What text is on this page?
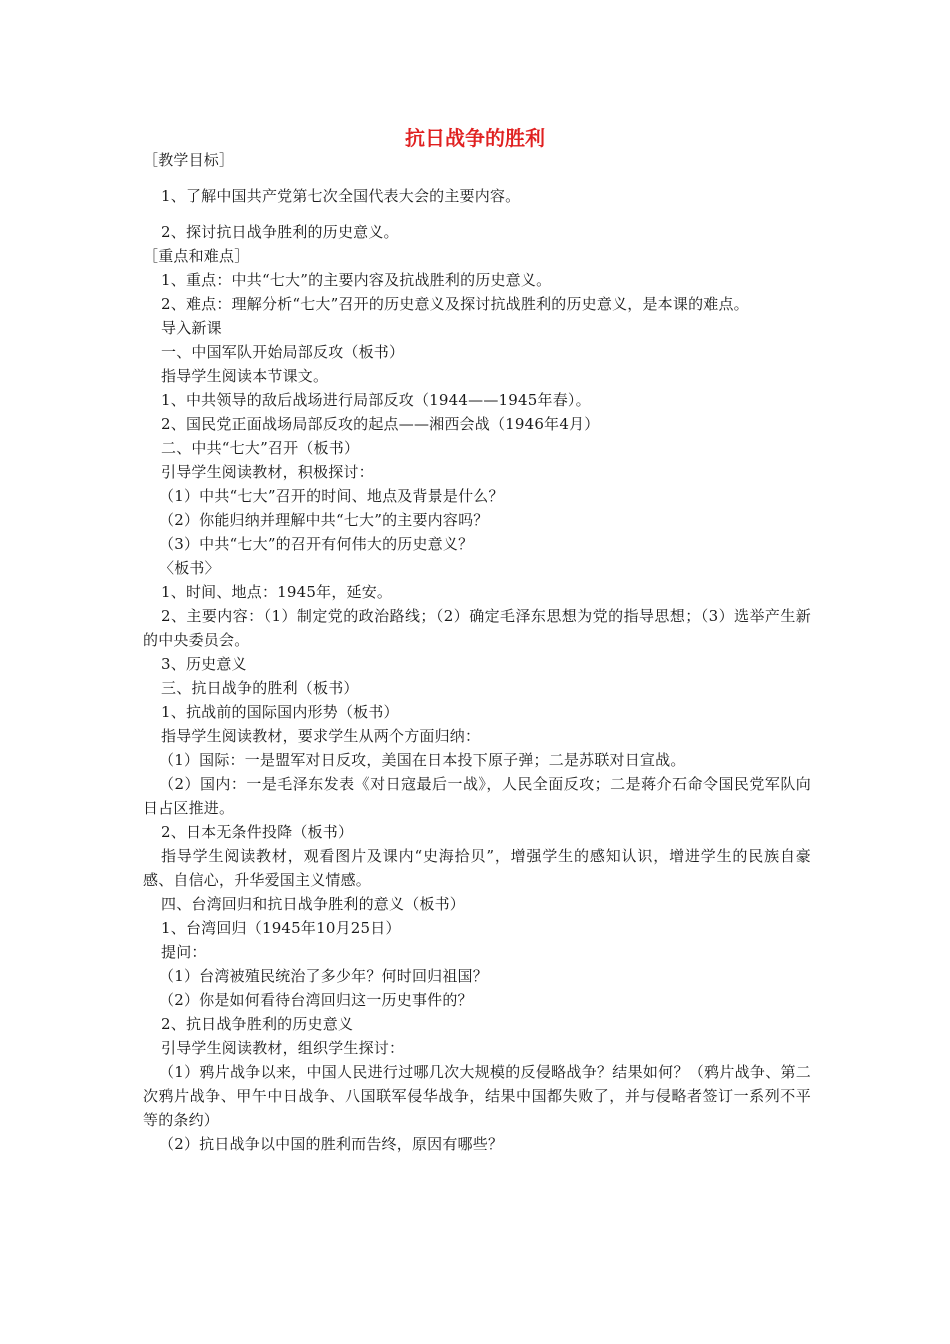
抗日战争的胜利
［教学目标］
1、了解中国共产党第七次全国代表大会的主要内容。
2、探讨抗日战争胜利的历史意义。
［重点和难点］
1、重点：中共“七大”的主要内容及抗战胜利的历史意义。
2、难点：理解分析“七大”召开的历史意义及探讨抗战胜利的历史意义，是本课的难点。
导入新课
一、中国军队开始局部反攻（板书）
指导学生阅读本节课文。
1、中共领导的敌后战场进行局部反攻（1944——1945年春）。
2、国民党正面战场局部反攻的起点——湘西会战（1946年4月）
二、中共“七大”召开（板书）
引导学生阅读教材，积极探讨：
（1）中共“七大”召开的时间、地点及背景是什么？
（2）你能归纳并理解中共“七大”的主要内容吗？
（3）中共“七大”的召开有何伟大的历史意义？
〈板书〉
1、时间、地点：1945年，延安。
2、主要内容：（1）制定党的政治路线；（2）确定毛泽东思想为党的指导思想；（3）选举产生新的中央委员会。
3、历史意义
三、抗日战争的胜利（板书）
1、抗战前的国际国内形势（板书）
指导学生阅读教材，要求学生从两个方面归纳：
（1）国际：一是盟军对日反攻，美国在日本投下原子弹；二是苏联对日宣战。
（2）国内：一是毛泽东发表《对日寇最后一战》，人民全面反攻；二是蒋介石命令国民党军队向日占区推进。
2、日本无条件投降（板书）
指导学生阅读教材，观看图片及课内“史海拾贝”，增强学生的感知认识，增进学生的民族自豪感、自信心，升华爱国主义情感。
四、台湾回归和抗日战争胜利的意义（板书）
1、台湾回归（1945年10月25日）
提问：
（1）台湾被殖民统治了多少年？何时回归祖国？
（2）你是如何看待台湾回归这一历史事件的？
2、抗日战争胜利的历史意义
引导学生阅读教材，组织学生探讨：
（1）鸦片战争以来，中国人民进行过哪几次大规模的反侵略战争？结果如何？（鸦片战争、第二次鸦片战争、甲午中日战争、八国联军侵华战争，结果中国都失败了，并与侵略者签订一系列不平等的条约）
（2）抗日战争以中国的胜利而告终，原因有哪些？
